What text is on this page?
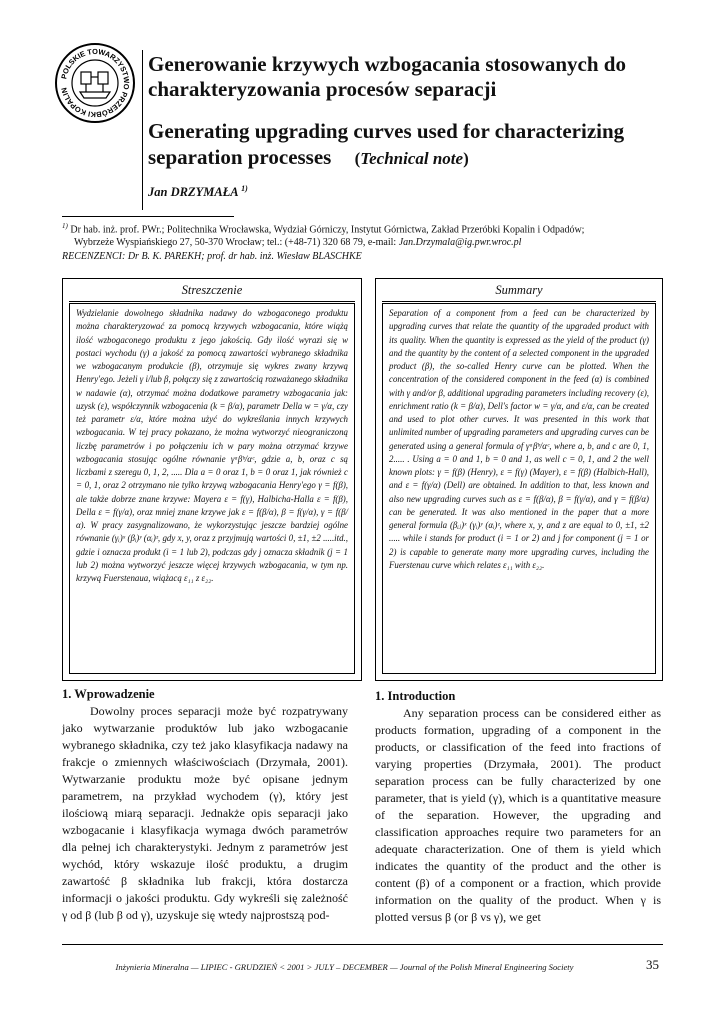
POLSKIE TOWARZYSTWO PRZERÓBKI KOPALIN
Generowanie krzywych wzbogacania stosowanych do charakteryzowania procesów separacji
Generating upgrading curves used for characterizing separation processes (Technical note)
Jan DRZYMAŁA $^{1)}$
$^{1)}$ Dr hab. inż. prof. PWr.; Politechnika Wrocławska, Wydział Górniczy, Instytut Górnictwa, Zakład Przeróbki Kopalin i Odpadów;
Wybrzeże Wyspiańskiego 27, 50-370 Wrocław; tel.: (+48-71) 320 68 79, e-mail: Jan.Drzymala@ig.pwr.wroc.pl
RECENZENCI: Dr B. K. PAREKH; prof. dr hab. inż. Wiesław BLASCHKE
Streszczenie

Wydzielanie dowolnego składnika nadawy do wzbogaconego produktu można charakteryzować za pomocą krzywych wzbogacania, które wiążą ilość wzbogaconego produktu z jego jakością. Gdy ilość wyrazi się w postaci wychodu (γ) a jakość za pomocą zawartości wybranego składnika we wzbogacanym produkcie (β), otrzymuje się wykres zwany krzywą Henry'ego. Jeżeli γ i/lub β, połączy się z zawartością rozważanego składnika w nadawie (α), otrzymać można dodatkowe parametry wzbogacania jak: uzysk (ε), współczynnik wzbogacenia (k = β/α), parametr Della w = γ/α, czy też parametr ε/α, które można użyć do wykreślania innych krzywych wzbogacania. W tej pracy pokazano, że można wytworzyć nieograniczoną liczbę parametrów i po połączeniu ich w pary można otrzymać krzywe wzbogacania stosując ogólne równanie γᵃβᵇ/αᶜ, gdzie a, b, oraz c są liczbami z szeregu 0, 1, 2, ..... Dla a = 0 oraz 1, b = 0 oraz 1, jak również c = 0, 1, oraz 2 otrzymano nie tylko krzywą wzbogacania Henry'ego γ = f(β), ale także dobrze znane krzywe: Mayera ε = f(γ), Halbicha-Halla ε = f(β), Della ε = f(γ/α), oraz mniej znane krzywe jak ε = f(β/α), β = f(γ/α), γ = f(β/α). W pracy zasygnalizowano, że wykorzystując jeszcze bardziej ogólne równanie (γᵢ)ˣ (βᵢ)ʸ (αᵢ)ᶻ, gdy x, y, oraz z przyjmują wartości 0, ±1, ±2 .....itd., gdzie i oznacza produkt (i = 1 lub 2), podczas gdy j oznacza składnik (j = 1 lub 2) można wytworzyć jeszcze więcej krzywych wzbogacania, w tym np. krzywą Fuerstenaua, wiążacą ε₁₁ z ε₂₂.

Summary

Separation of a component from a feed can be characterized by upgrading curves that relate the quantity of the upgraded product with its quality. When the quantity is expressed as the yield of the product (γ) and the quantity by the content of a selected component in the upgraded product (β), the so-called Henry curve can be plotted. When the concentration of the considered component in the feed (α) is combined with γ and/or β, additional upgrading parameters including recovery (ε), enrichment ratio (k = β/α), Dell's factor w = γ/α, and ε/α, can be created and used to plot other curves. It was presented in this work that unlimited number of upgrading parameters and upgrading curves can be generated using a general formula of γᵃβᵇ/αᶜ, where a, b, and c are 0, 1, 2..... . Using a = 0 and 1, b = 0 and 1, as well c = 0, 1, and 2 the well known plots: γ = f(β) (Henry), ε = f(γ) (Mayer), ε = f(β) (Halbich-Hall), and ε = f(γ/α) (Dell) are obtained. In addition to that, less known and also new upgrading curves such as ε = f(β/α), β = f(γ/α), and γ = f(β/α) can be generated. It was also mentioned in the paper that a more general formula (βᵢⱼ)ˣ (γᵢ)ʸ (αᵢ)ᶻ, where x, y, and z are equal to 0, ±1, ±2 ..... while i stands for product (i = 1 or 2) and j for component (j = 1 or 2) is capable to generate many more upgrading curves, including the Fuerstenau curve which relates ε₁₁ with ε₂₂.

1. Wprowadzenie

Dowolny proces separacji może być rozpatrywany jako wytwarzanie produktów lub jako wzbogacanie wybranego składnika, czy też jako klasyfikacja nadawy na frakcje o zmiennych właściwościach (Drzymała, 2001). Wytwarzanie produktu może być opisane jednym parametrem, na przykład wychodem (γ), który jest ilościową miarą separacji. Jednakże opis separacji jako wzbogacanie i klasyfikacja wymaga dwóch parametrów dla pełnej ich charakterystyki. Jednym z parametrów jest wychód, który wskazuje ilość produktu, a drugim zawartość β składnika lub frakcji, która dostarcza informacji o jakości produktu. Gdy wykreśli się zależność γ od β (lub β od γ), uzyskuje się wtedy najprostszą pod-

1. Introduction

Any separation process can be considered either as products formation, upgrading of a component in the products, or classification of the feed into fractions of varying properties (Drzymała, 2001). The product separation process can be fully characterized by one parameter, that is yield (γ), which is a quantitative measure of the separation. However, the upgrading and classification approaches require two parameters for an adequate characterization. One of them is yield which indicates the quantity of the product and the other is content (β) of a component or a fraction, which provide information on the quality of the product. When γ is plotted versus β (or β vs γ), we get

Inżynieria Mineralna — LIPIEC - GRUDZIEŃ < 2001 > JULY – DECEMBER — Journal of the Polish Mineral Engineering Society	35
